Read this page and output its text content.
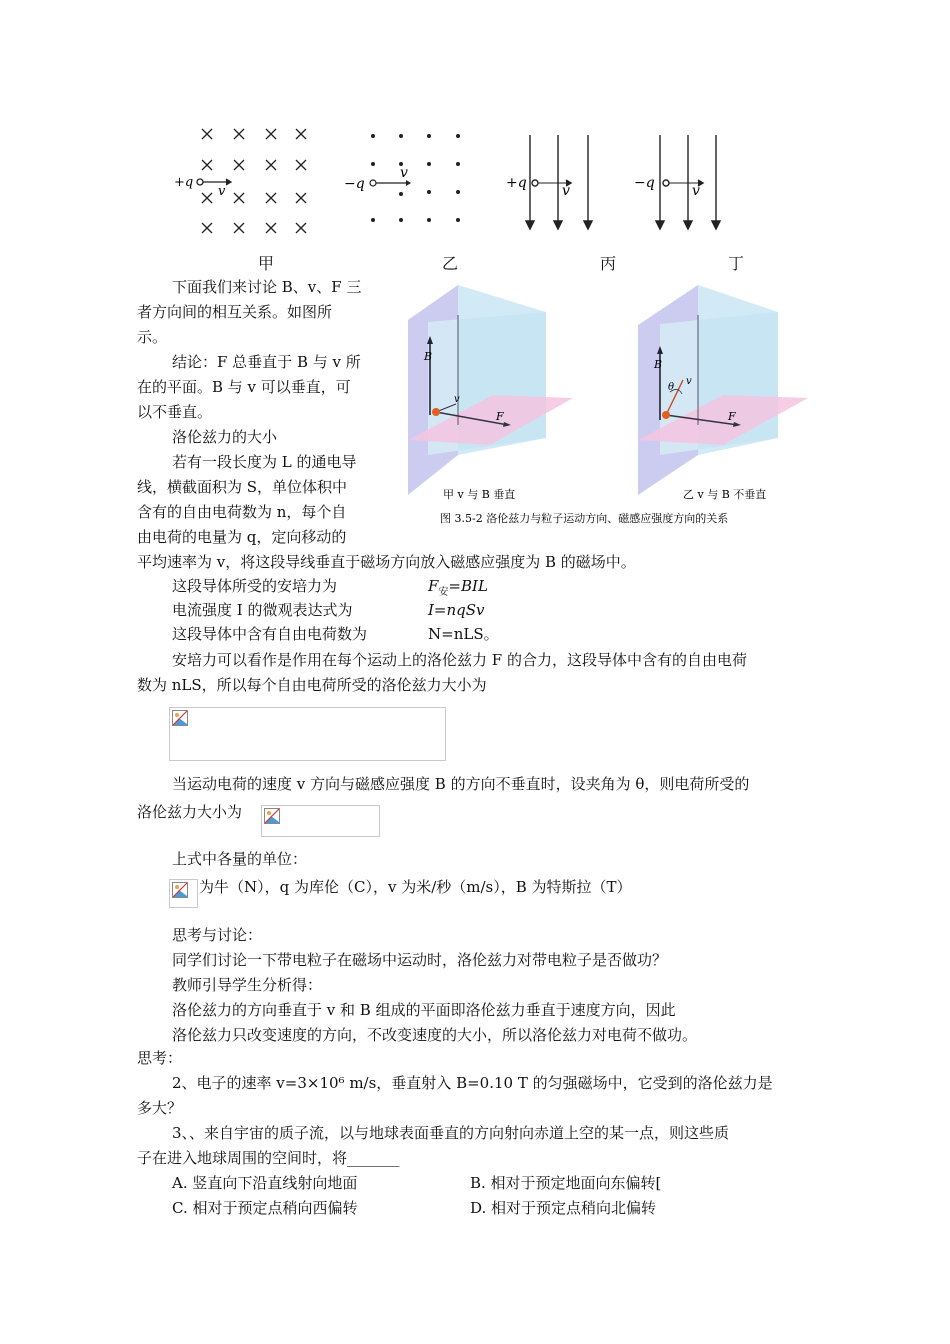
+q
v	−q
v
+q	v	−q	v
甲	乙	丙	丁
B
v
F
B
θ
v
F
甲 v 与 B 垂直	乙 v 与 B 不垂直
图 3.5-2 洛伦兹力与粒子运动方向、磁感应强度方向的关系
下面我们来讨论 B、v、F 三
者方向间的相互关系。如图所
示。
结论：F 总垂直于 B 与 v 所
在的平面。B 与 v 可以垂直，可
以不垂直。
洛伦兹力的大小
若有一段长度为 L 的通电导
线，横截面积为 S，单位体积中
含有的自由电荷数为 n，每个自
由电荷的电量为 q，定向移动的
平均速率为 v，将这段导线垂直于磁场方向放入磁感应强度为 B 的磁场中。
这段导体所受的安培力为	$F_安=BIL$
电流强度 I 的微观表达式为	I=nqSv
这段导体中含有自由电荷数为	N=nLS。
安培力可以看作是作用在每个运动上的洛伦兹力 F 的合力，这段导体中含有的自由电荷
数为 nLS，所以每个自由电荷所受的洛伦兹力大小为
当运动电荷的速度 v 方向与磁感应强度 B 的方向不垂直时，设夹角为 θ，则电荷所受的
洛伦兹力大小为
上式中各量的单位：
为牛（N），q 为库伦（C），v 为米/秒（m/s），B 为特斯拉（T）
思考与讨论：
同学们讨论一下带电粒子在磁场中运动时，洛伦兹力对带电粒子是否做功？
教师引导学生分析得：
洛伦兹力的方向垂直于 v 和 B 组成的平面即洛伦兹力垂直于速度方向，因此
洛伦兹力只改变速度的方向，不改变速度的大小，所以洛伦兹力对电荷不做功。
思考：
2、电子的速率 v=3×10⁶ m/s，垂直射入 B=0.10 T 的匀强磁场中，它受到的洛伦兹力是
多大？
3、、来自宇宙的质子流，以与地球表面垂直的方向射向赤道上空的某一点，则这些质
子在进入地球周围的空间时，将_______
A. 竖直向下沿直线射向地面	B. 相对于预定地面向东偏转[
C. 相对于预定点稍向西偏转	D. 相对于预定点稍向北偏转
